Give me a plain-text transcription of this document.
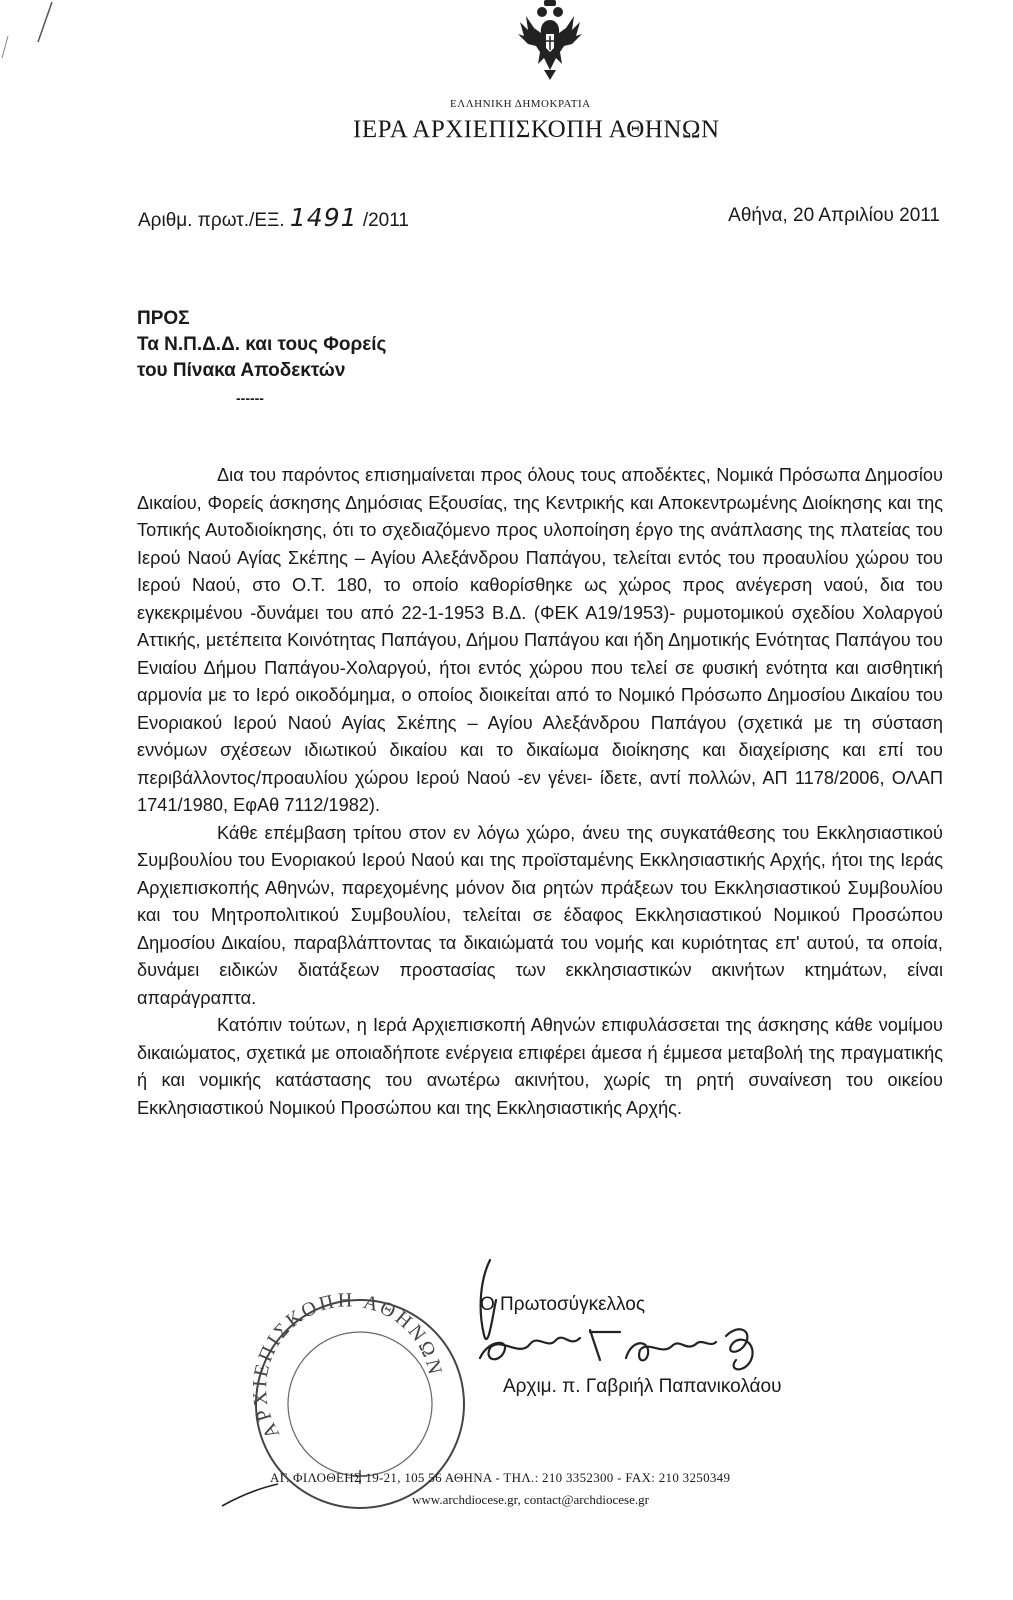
ΕΛΛΗΝΙΚΗ ΔΗΜΟΚΡΑΤΙΑ
ΙΕΡΑ ΑΡΧΙΕΠΙΣΚΟΠΗ ΑΘΗΝΩΝ
Αριθμ. πρωτ./ΕΞ. 1491 /2011	Αθήνα, 20 Απριλίου 2011
ΠΡΟΣ
Τα Ν.Π.Δ.Δ. και τους Φορείς
του Πίνακα Αποδεκτών
------

Δια του παρόντος επισημαίνεται προς όλους τους αποδέκτες, Νομικά Πρόσωπα Δημοσίου Δικαίου, Φορείς άσκησης Δημόσιας Εξουσίας, της Κεντρικής και Αποκεντρωμένης Διοίκησης και της Τοπικής Αυτοδιοίκησης, ότι το σχεδιαζόμενο προς υλοποίηση έργο της ανάπλασης της πλατείας του Ιερού Ναού Αγίας Σκέπης – Αγίου Αλεξάνδρου Παπάγου, τελείται εντός του προαυλίου χώρου του Ιερού Ναού, στο Ο.Τ. 180, το οποίο καθορίσθηκε ως χώρος προς ανέγερση ναού, δια του εγκεκριμένου -δυνάμει του από 22-1-1953 Β.Δ. (ΦΕΚ Α19/1953)- ρυμοτομικού σχεδίου Χολαργού Αττικής, μετέπειτα Κοινότητας Παπάγου, Δήμου Παπάγου και ήδη Δημοτικής Ενότητας Παπάγου του Ενιαίου Δήμου Παπάγου-Χολαργού, ήτοι εντός χώρου που τελεί σε φυσική ενότητα και αισθητική αρμονία με το Ιερό οικοδόμημα, ο οποίος διοικείται από το Νομικό Πρόσωπο Δημοσίου Δικαίου του Ενοριακού Ιερού Ναού Αγίας Σκέπης – Αγίου Αλεξάνδρου Παπάγου (σχετικά με τη σύσταση εννόμων σχέσεων ιδιωτικού δικαίου και το δικαίωμα διοίκησης και διαχείρισης και επί του περιβάλλοντος/προαυλίου χώρου Ιερού Ναού -εν γένει- ίδετε, αντί πολλών, ΑΠ 1178/2006, ΟΛΑΠ 1741/1980, ΕφΑθ 7112/1982).

Κάθε επέμβαση τρίτου στον εν λόγω χώρο, άνευ της συγκατάθεσης του Εκκλησιαστικού Συμβουλίου του Ενοριακού Ιερού Ναού και της προϊσταμένης Εκκλησιαστικής Αρχής, ήτοι της Ιεράς Αρχιεπισκοπής Αθηνών, παρεχομένης μόνον δια ρητών πράξεων του Εκκλησιαστικού Συμβουλίου και του Μητροπολιτικού Συμβουλίου, τελείται σε έδαφος Εκκλησιαστικού Νομικού Προσώπου Δημοσίου Δικαίου, παραβλάπτοντας τα δικαιώματά του νομής και κυριότητας επ' αυτού, τα οποία, δυνάμει ειδικών διατάξεων προστασίας των εκκλησιαστικών ακινήτων κτημάτων, είναι απαράγραπτα.

Κατόπιν τούτων, η Ιερά Αρχιεπισκοπή Αθηνών επιφυλάσσεται της άσκησης κάθε νομίμου δικαιώματος, σχετικά με οποιαδήποτε ενέργεια επιφέρει άμεσα ή έμμεσα μεταβολή της πραγματικής ή και νομικής κατάστασης του ανωτέρω ακινήτου, χωρίς τη ρητή συναίνεση του οικείου Εκκλησιαστικού Νομικού Προσώπου και της Εκκλησιαστικής Αρχής.

ΑΡΧΙΕΠΙΣΚΟΠΗ ΑΘΗΝΩΝ
Ο Πρωτοσύγκελλος
Αρχιμ. π. Γαβριήλ Παπανικολάου
ΑΓ. ΦΙΛΟΘΕΗΣ 19-21, 105 56 ΑΘΗΝΑ - ΤΗΛ.: 210 3352300 - FAX: 210 3250349
www.archdiocese.gr, contact@archdiocese.gr
